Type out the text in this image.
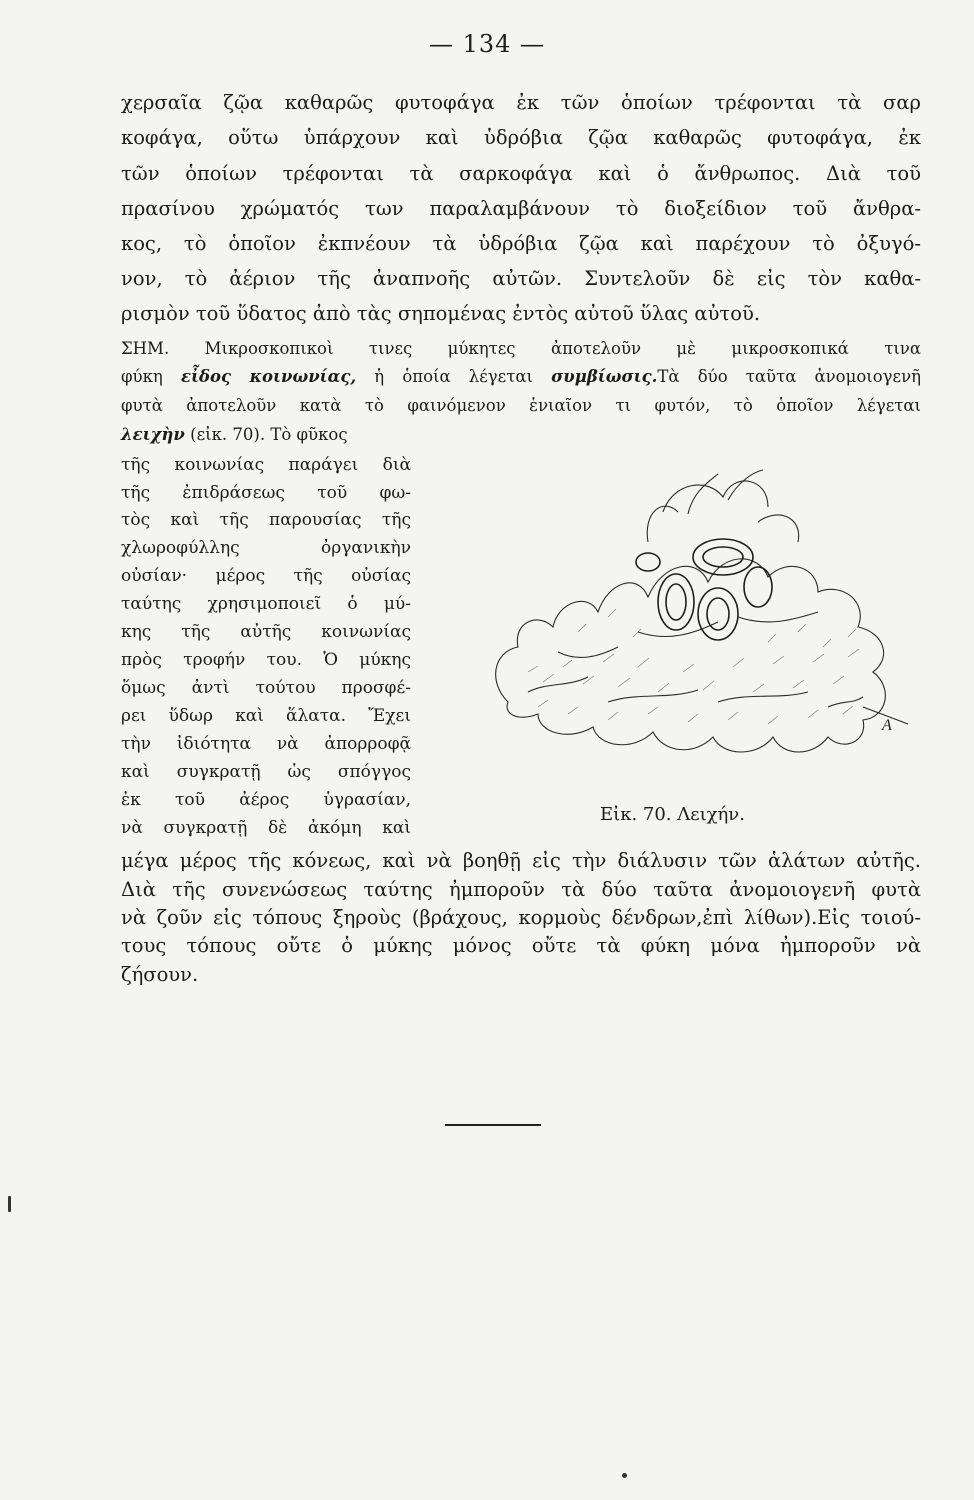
— 134 —
χερσαῖα ζῷα καθαρῶς φυτοφάγα ἐκ τῶν ὁποίων τρέφονται τὰ σαρ
κοφάγα, οὕτω ὑπάρχουν καὶ ὑδρόβια ζῷα καθαρῶς φυτοφάγα, ἐκ
τῶν ὁποίων τρέφονται τὰ σαρκοφάγα καὶ ὁ ἄνθρωπος. Διὰ τοῦ
πρασίνου χρώματός των παραλαμβάνουν τὸ διοξείδιον τοῦ ἄνθρα-
κος, τὸ ὁποῖον ἐκπνέουν τὰ ὑδρόβια ζῷα καὶ παρέχουν τὸ ὀξυγό-
νον, τὸ ἀέριον τῆς ἀναπνοῆς αὐτῶν. Συντελοῦν δὲ εἰς τὸν καθα-
ρισμὸν τοῦ ὕδατος ἀπὸ τὰς σηπομένας ἐντὸς αὐτοῦ ὕλας αὐτοῦ.
ΣΗΜ. Μικροσκοπικοὶ τινες μύκητες ἀποτελοῦν μὲ μικροσκοπικά τινα
φύκη εἶδος κοινωνίας, ἡ ὁποία λέγεται συμβίωσις.Τὰ δύο ταῦτα ἀνομοιογενῆ
φυτὰ ἀποτελοῦν κατὰ τὸ φαινόμενον ἑνιαῖον τι φυτόν, τὸ ὁποῖον λέγεται
λειχὴν (εἰκ. 70). Τὸ φῦκος
τῆς κοινωνίας παράγει διὰ
τῆς ἐπιδράσεως τοῦ φω-
τὸς καὶ τῆς παρουσίας τῆς
χλωροφύλλης ὀργανικὴν
οὐσίαν· μέρος τῆς οὐσίας
ταύτης χρησιμοποιεῖ ὁ μύ-
κης τῆς αὐτῆς κοινωνίας
πρὸς τροφήν του. Ὁ μύκης
ὅμως ἀντὶ τούτου προσφέ-
ρει ὕδωρ καὶ ἅλατα. Ἔχει
τὴν ἰδιότητα νὰ ἀπορροφᾷ
καὶ συγκρατῇ ὡς σπόγγος
ἐκ τοῦ ἀέρος ὑγρασίαν,
νὰ συγκρατῇ δὲ ἀκόμη καὶ
A
Εἰκ. 70. Λειχήν.
μέγα μέρος τῆς κόνεως, καὶ νὰ βοηθῇ εἰς τὴν διάλυσιν τῶν ἁλάτων αὐτῆς.
Διὰ τῆς συνενώσεως ταύτης ἠμποροῦν τὰ δύο ταῦτα ἀνομοιογενῆ φυτὰ
νὰ ζοῦν εἰς τόπους ξηροὺς (βράχους, κορμοὺς δένδρων,ἐπὶ λίθων).Εἰς τοιού-
τους τόπους οὔτε ὁ μύκης μόνος οὔτε τὰ φύκη μόνα ἠμποροῦν νὰ
ζήσουν.
